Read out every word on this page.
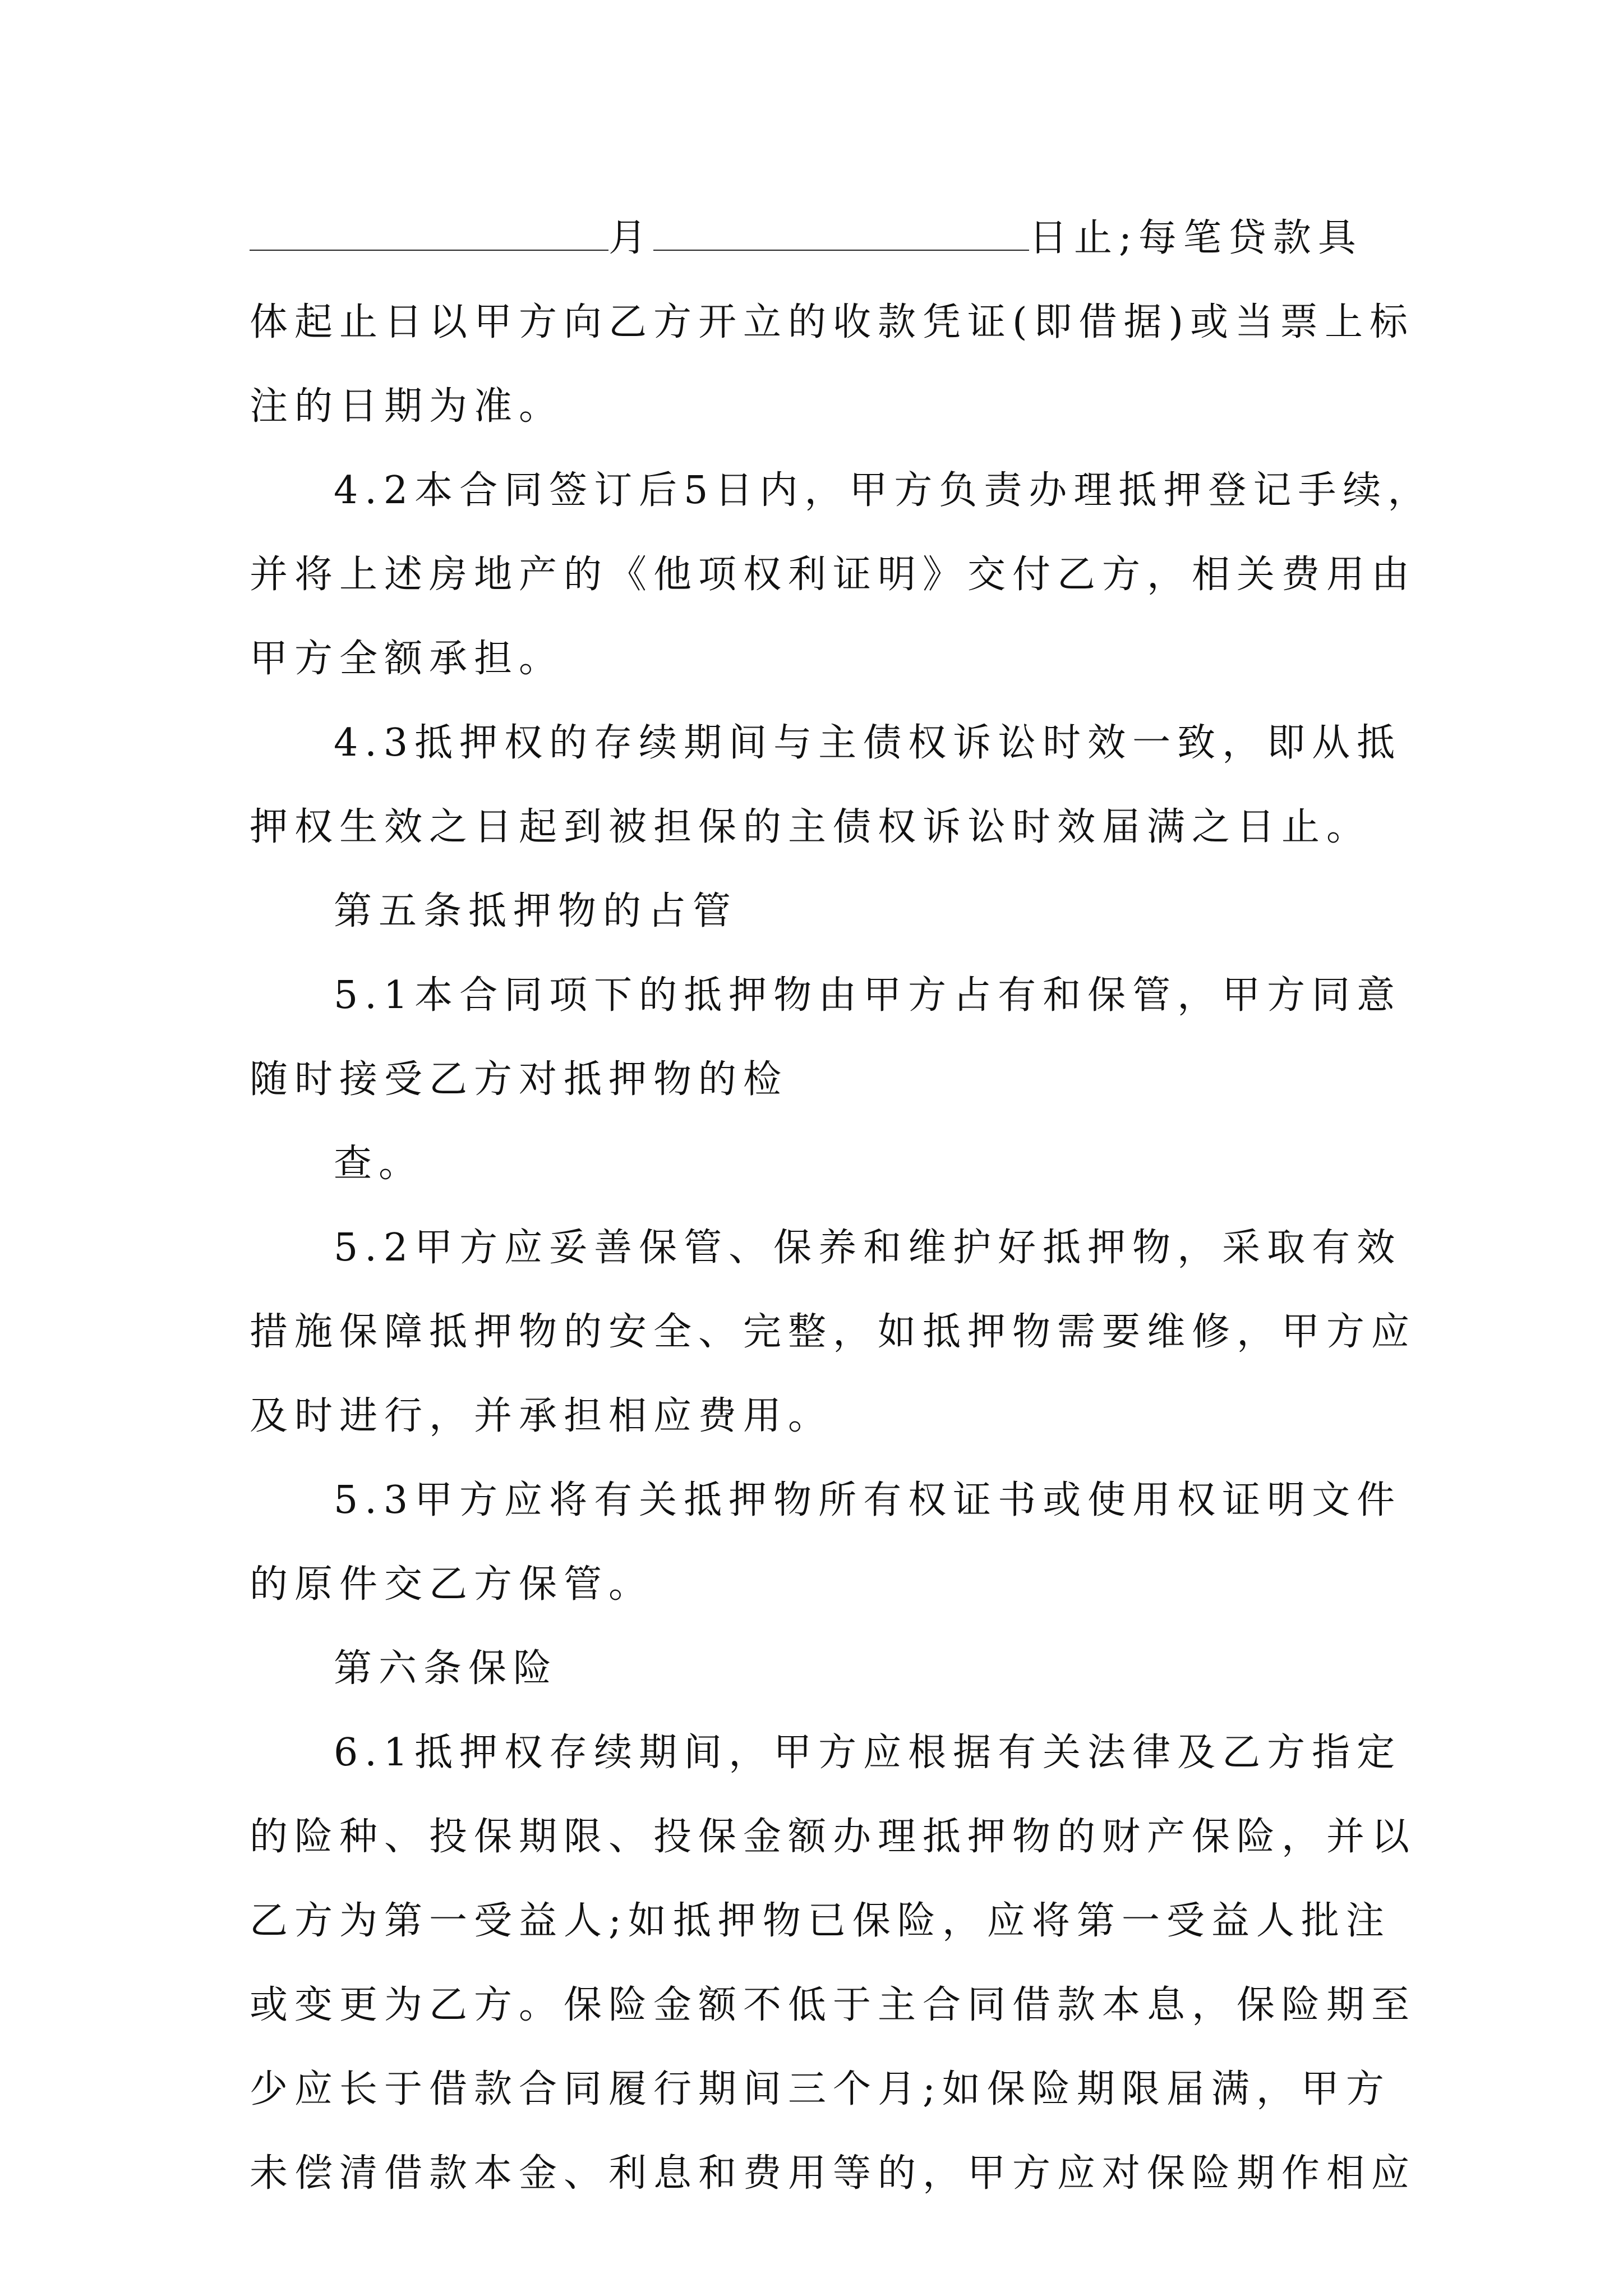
月	日止;每笔贷款具
体起止日以甲方向乙方开立的收款凭证(即借据)或当票上标
注的日期为准。
4.2本合同签订后5日内，甲方负责办理抵押登记手续，
并将上述房地产的《他项权利证明》交付乙方，相关费用由
甲方全额承担。
4.3抵押权的存续期间与主债权诉讼时效一致，即从抵
押权生效之日起到被担保的主债权诉讼时效届满之日止。
第五条抵押物的占管
5.1本合同项下的抵押物由甲方占有和保管，甲方同意
随时接受乙方对抵押物的检
查。
5.2甲方应妥善保管、保养和维护好抵押物，采取有效
措施保障抵押物的安全、完整，如抵押物需要维修，甲方应
及时进行，并承担相应费用。
5.3甲方应将有关抵押物所有权证书或使用权证明文件
的原件交乙方保管。
第六条保险
6.1抵押权存续期间，甲方应根据有关法律及乙方指定
的险种、投保期限、投保金额办理抵押物的财产保险，并以
乙方为第一受益人;如抵押物已保险，应将第一受益人批注
或变更为乙方。保险金额不低于主合同借款本息，保险期至
少应长于借款合同履行期间三个月;如保险期限届满，甲方
未偿清借款本金、利息和费用等的，甲方应对保险期作相应
